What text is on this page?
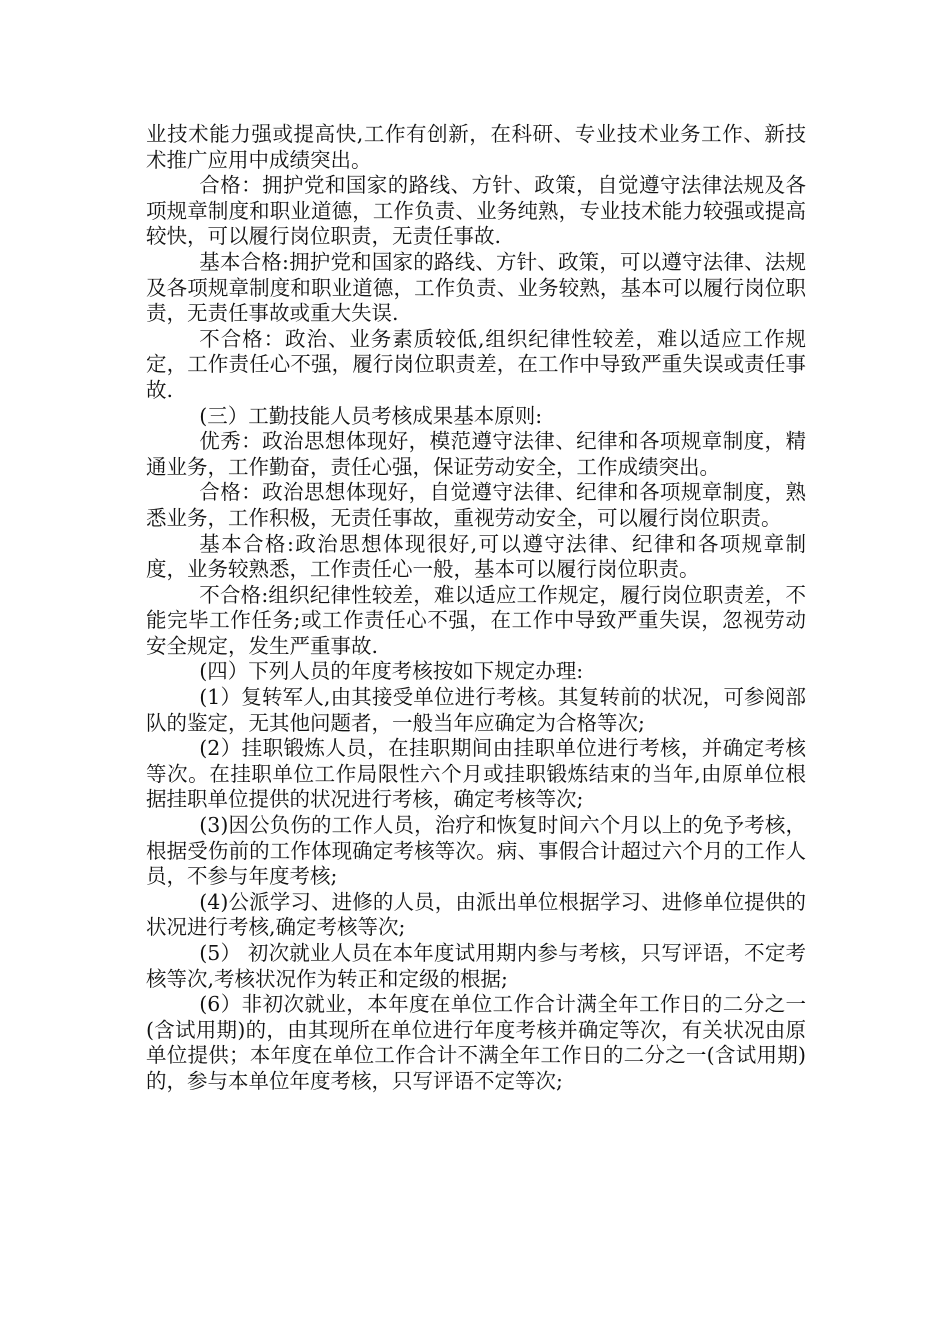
业技术能力强或提高快,工作有创新，在科研、专业技术业务工作、新技术推广应用中成绩突出。

合格：拥护党和国家的路线、方针、政策，自觉遵守法律法规及各项规章制度和职业道德，工作负责、业务纯熟，专业技术能力较强或提高较快，可以履行岗位职责，无责任事故.

基本合格:拥护党和国家的路线、方针、政策，可以遵守法律、法规及各项规章制度和职业道德，工作负责、业务较熟，基本可以履行岗位职责，无责任事故或重大失误.

不合格：政治、业务素质较低,组织纪律性较差，难以适应工作规定，工作责任心不强，履行岗位职责差，在工作中导致严重失误或责任事故.

(三）工勤技能人员考核成果基本原则:

优秀：政治思想体现好，模范遵守法律、纪律和各项规章制度，精通业务，工作勤奋，责任心强，保证劳动安全，工作成绩突出。

合格：政治思想体现好，自觉遵守法律、纪律和各项规章制度，熟悉业务，工作积极，无责任事故，重视劳动安全，可以履行岗位职责。

基本合格:政治思想体现很好,可以遵守法律、纪律和各项规章制度，业务较熟悉，工作责任心一般，基本可以履行岗位职责。

不合格:组织纪律性较差，难以适应工作规定，履行岗位职责差，不能完毕工作任务;或工作责任心不强，在工作中导致严重失误，忽视劳动安全规定，发生严重事故.

(四）下列人员的年度考核按如下规定办理:

(1）复转军人,由其接受单位进行考核。其复转前的状况，可参阅部队的鉴定，无其他问题者，一般当年应确定为合格等次;

(2）挂职锻炼人员，在挂职期间由挂职单位进行考核，并确定考核等次。在挂职单位工作局限性六个月或挂职锻炼结束的当年,由原单位根据挂职单位提供的状况进行考核，确定考核等次;

(3)因公负伤的工作人员，治疗和恢复时间六个月以上的免予考核，根据受伤前的工作体现确定考核等次。病、事假合计超过六个月的工作人员，不参与年度考核;

(4)公派学习、进修的人员，由派出单位根据学习、进修单位提供的状况进行考核,确定考核等次;

(5） 初次就业人员在本年度试用期内参与考核，只写评语，不定考核等次,考核状况作为转正和定级的根据;

(6）非初次就业，本年度在单位工作合计满全年工作日的二分之一(含试用期)的，由其现所在单位进行年度考核并确定等次，有关状况由原单位提供；本年度在单位工作合计不满全年工作日的二分之一(含试用期)的，参与本单位年度考核，只写评语不定等次;
